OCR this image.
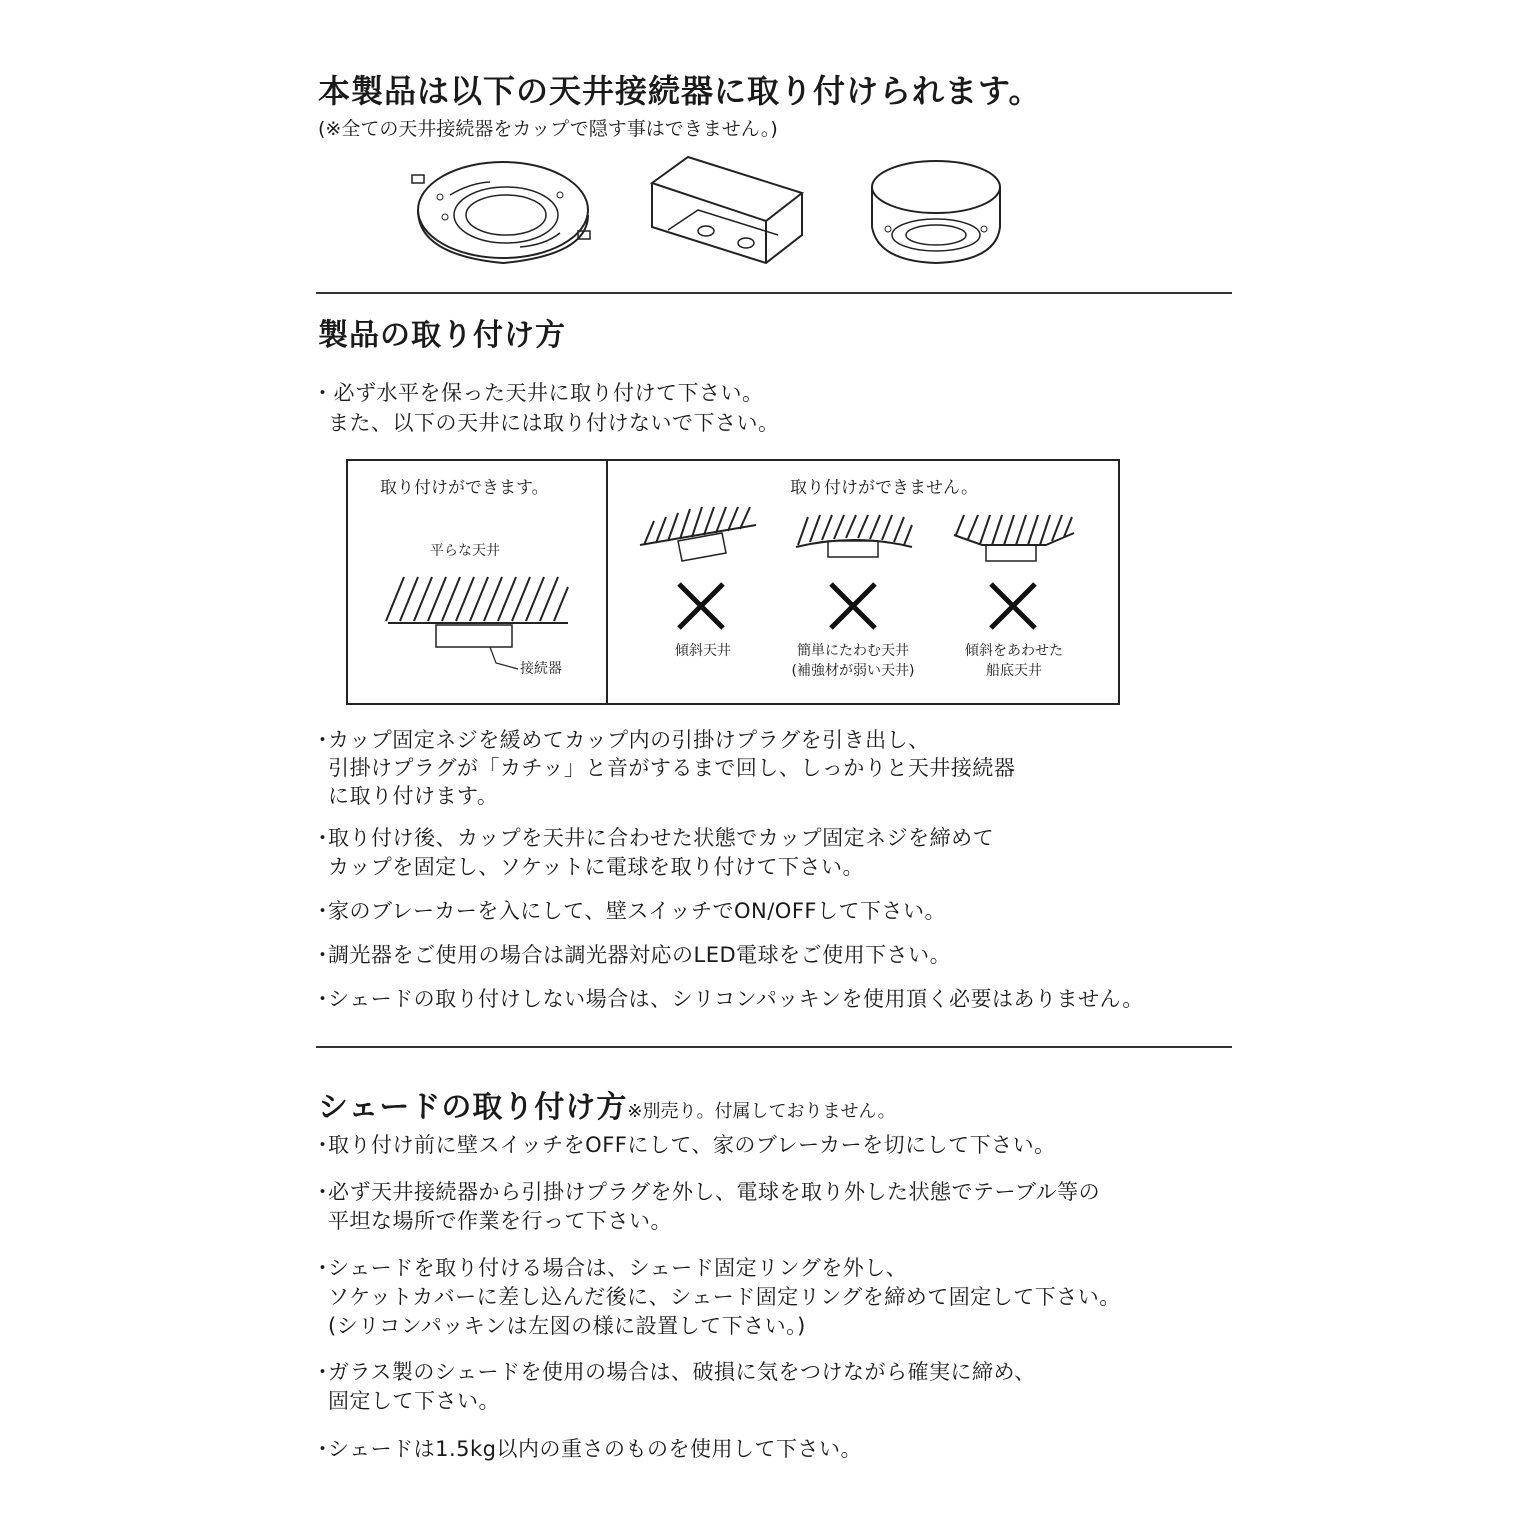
本製品は以下の天井接続器に取り付けられます。
(※全ての天井接続器をカップで隠す事はできません。)
製品の取り付け方
・必ず水平を保った天井に取り付けて下さい。
また、以下の天井には取り付けないで下さい。
取り付けができます。	取り付けができません。
平らな天井
接続器
傾斜天井	簡単にたわむ天井
(補強材が弱い天井)
傾斜をあわせた
船底天井
・カップ固定ネジを緩めてカップ内の引掛けプラグを引き出し、
引掛けプラグが「カチッ」と音がするまで回し、しっかりと天井接続器
に取り付けます。
・取り付け後、カップを天井に合わせた状態でカップ固定ネジを締めて
カップを固定し、ソケットに電球を取り付けて下さい。
・家のブレーカーを入にして、壁スイッチでON/OFFして下さい。
・調光器をご使用の場合は調光器対応のLED電球をご使用下さい。
・シェードの取り付けしない場合は、シリコンパッキンを使用頂く必要はありません。
シェードの取り付け方※別売り。付属しておりません。
・取り付け前に壁スイッチをOFFにして、家のブレーカーを切にして下さい。
・必ず天井接続器から引掛けプラグを外し、電球を取り外した状態でテーブル等の
平坦な場所で作業を行って下さい。
・シェードを取り付ける場合は、シェード固定リングを外し、
ソケットカバーに差し込んだ後に、シェード固定リングを締めて固定して下さい。
(シリコンパッキンは左図の様に設置して下さい。)
・ガラス製のシェードを使用の場合は、破損に気をつけながら確実に締め、
固定して下さい。
・シェードは1.5kg以内の重さのものを使用して下さい。
